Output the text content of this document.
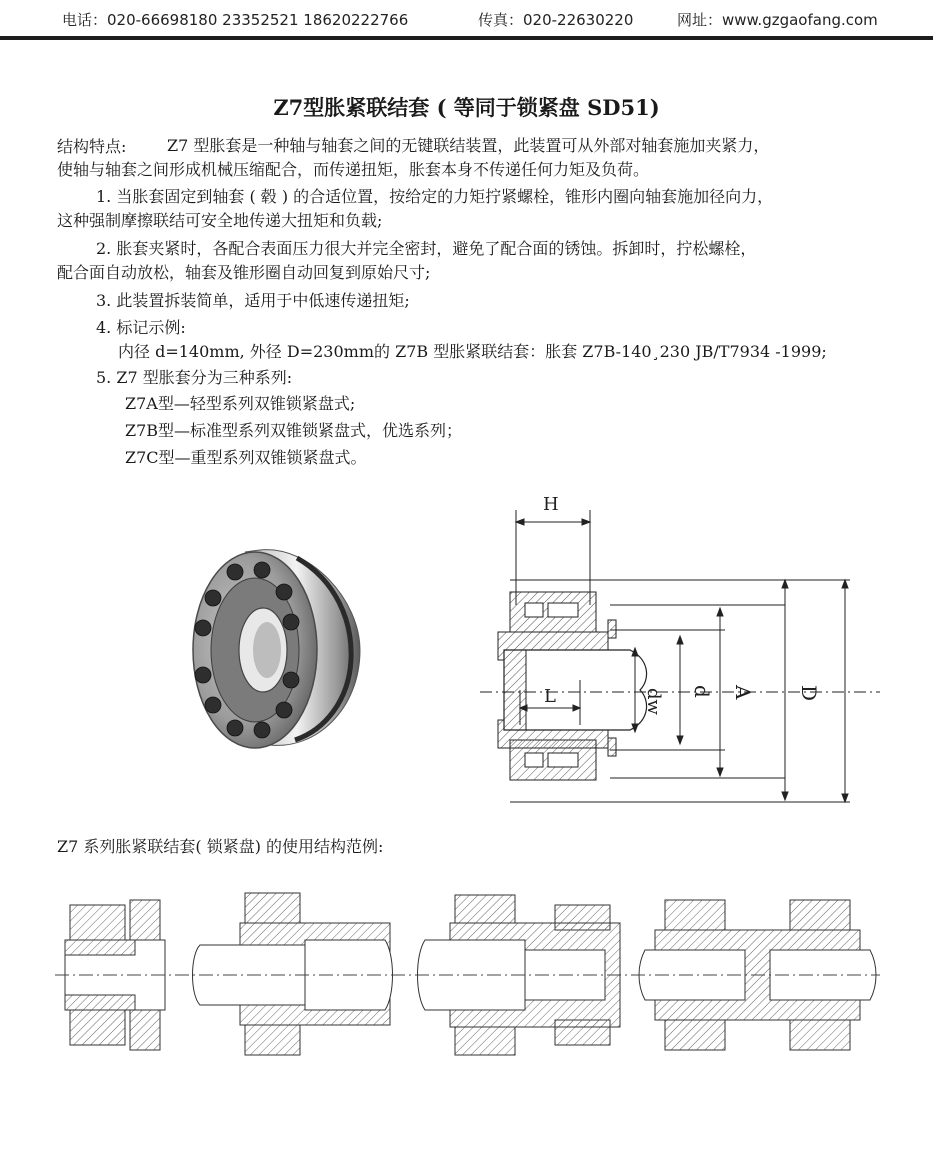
电话：020-66698180 23352521 18620222766	传真：020-22630220	网址：www.gzgaofang.com
Z7型胀紧联结套 ( 等同于锁紧盘 SD51)
结构特点:	Z7 型胀套是一种轴与轴套之间的无键联结装置，此装置可从外部对轴套施加夹紧力，
使轴与轴套之间形成机械压缩配合，而传递扭矩，胀套本身不传递任何力矩及负荷。
1. 当胀套固定到轴套 ( 毂 ) 的合适位置，按给定的力矩拧紧螺栓，锥形内圈向轴套施加径向力，
这种强制摩擦联结可安全地传递大扭矩和负载;
2. 胀套夹紧时，各配合表面压力很大并完全密封，避免了配合面的锈蚀。拆卸时，拧松螺栓，
配合面自动放松，轴套及锥形圈自动回复到原始尺寸;
3. 此装置拆装简单，适用于中低速传递扭矩;
4. 标记示例:
内径 d=140mm, 外径 D=230mm的 Z7B 型胀紧联结套：胀套 Z7B-140¸230 JB/T7934 -1999;
5. Z7 型胀套分为三种系列:
Z7A型—轻型系列双锥锁紧盘式;
Z7B型—标准型系列双锥锁紧盘式，优选系列；
Z7C型—重型系列双锥锁紧盘式。
H
L	dw d A D
Z7 系列胀紧联结套( 锁紧盘) 的使用结构范例:
